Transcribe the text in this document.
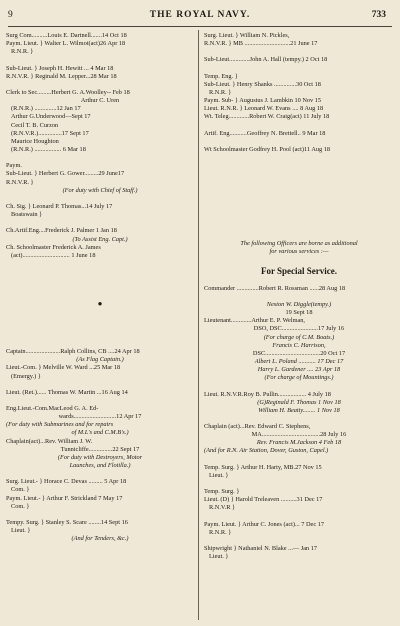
9	THE ROYAL NAVY.	733
Surg Com..........Louis E. Dartnell.......14 Oct 18
Paym. Lieut. } Walter L. Wilmot(act)26 Apr 18
R.N.R. }
Sub-Lieut. } Joseph H. Hewitt ... 4 Mar 18
R.N.V.R. } Reginald M. Lepper...28 Mar 18
Clerk to Sec.........Herbert G. A.Woolley-- Feb 18
Arthur C. Uren
(R.N.R.) ..............12 Jan 17
Arthur G.Underwood—Sept 17
Cecil T. B. Curzon
(R.N.V.R.)...............17 Sept 17
Maurice Houghton
(R.N.R.) ................. 6 Mar 18
Paym.
Sub-Lieut. } Herbert G. Gower.........29 June17
R.N.V.R. }
(For duty with Chief of Staff.)
Ch. Sig. } Leonard P. Thomas...14 July 17
Boatswain }
Ch.Artif.Eng....Frederick J. Palmer 1 Jan 18
(To Assist Eng. Capt.)
Ch. Schoolmaster Frederick A. James
(act).............................. 1 June 18
●
Captain......................Ralph Collins, CB ....24 Apr 18
(As Flag Captain.)
Lieut.-Com. } Melville W. Ward ...25 Mar 18
(Emergy.) }
Lieut. (Ret.)...... Thomas W. Martin ...16 Aug 14
Eng.Lieut.-Com.MacLeod G. A. Ed-
wards...........................12 Apr 17
(For duty with Submarines and for repairs
of M.L's and C.M.B's.)
Chaplain(act)...Rev. William J. W.
Tunnicliffe...............22 Sept 17
(For duty with Destroyers, Motor
Launches, and Flotilla.)
Surg. Lieut.- } Horace C. Devas ......... 5 Apr 18
Com. }
Paym. Lieut.- } Arthur F. Strickland 7 May 17
Com. }
Tempy. Surg. } Stanley S. Scare ........14 Sept 16
Lieut. }
(And for Tenders, &c.)
Surg. Lieut. } William N. Pickles,
R.N.V.R. } MB .............................21 June 17
Sub-Lieut.............John A. Hall (tempy.) 2 Oct 18
Temp. Eng. }
Sub-Lieut. } Henry Shanks ..............30 Oct 18
R.N.R. }
Paym. Sub- } Augustus J. Lambkin 10 Nov 15
Lieut. R.N.R. } Leonard W. Evans .... 8 Aug 18
Wt. Teleg.............Robert W. Craig(act) 11 July 18
Artif. Eng...........Geoffrey N. Brettell.. 9 Mar 18
Wt Schoolmaster Godfrey H. Pool (act)11 Aug 18
The following Officers are borne as additional
for various services :—
For Special Service.
Commander ..............Robert R. Rossman ......28 Aug 18
Neston W. Diggle(tempy.)
19 Sept 18
Lieutenant.............Arthur E. P. Welman,
DSO, DSC.......................17 July 16
(For charge of C.M. Boats.)
Francis C. Harrison,
DSC...................................20 Oct 17
Albert L. Poland ........... 17 Dec 17
Harry L. Gardener .... 23 Apr 18
(For charge of Mountings.)
Lieut. R.N.V.R.Roy B. Pullin.................. 4 July 18
(G)Reginald F. Thomas 1 Nov 18
William H. Beatty........ 1 Nov 18
Chaplain (act)...Rev. Edward C. Stephens,
MA.....................................28 July 16
Rev. Francis M.Jackson 4 Feb 18
(And for R.N. Air Station, Dover, Guston, Capel.)
Temp. Surg. } Arthur H. Harty, MB.27 Nov 15
Lieut. }
Temp. Surg. }
Lieut. (D) } Harold Treleaven ..........31 Dec 17
R.N.V.R }
Paym. Lieut. } Arthur C. Jones (act)... 7 Dec 17
R.N.R. }
Shipwright } Nathaniel N. Blake ...— Jan 17
Lieut. }
